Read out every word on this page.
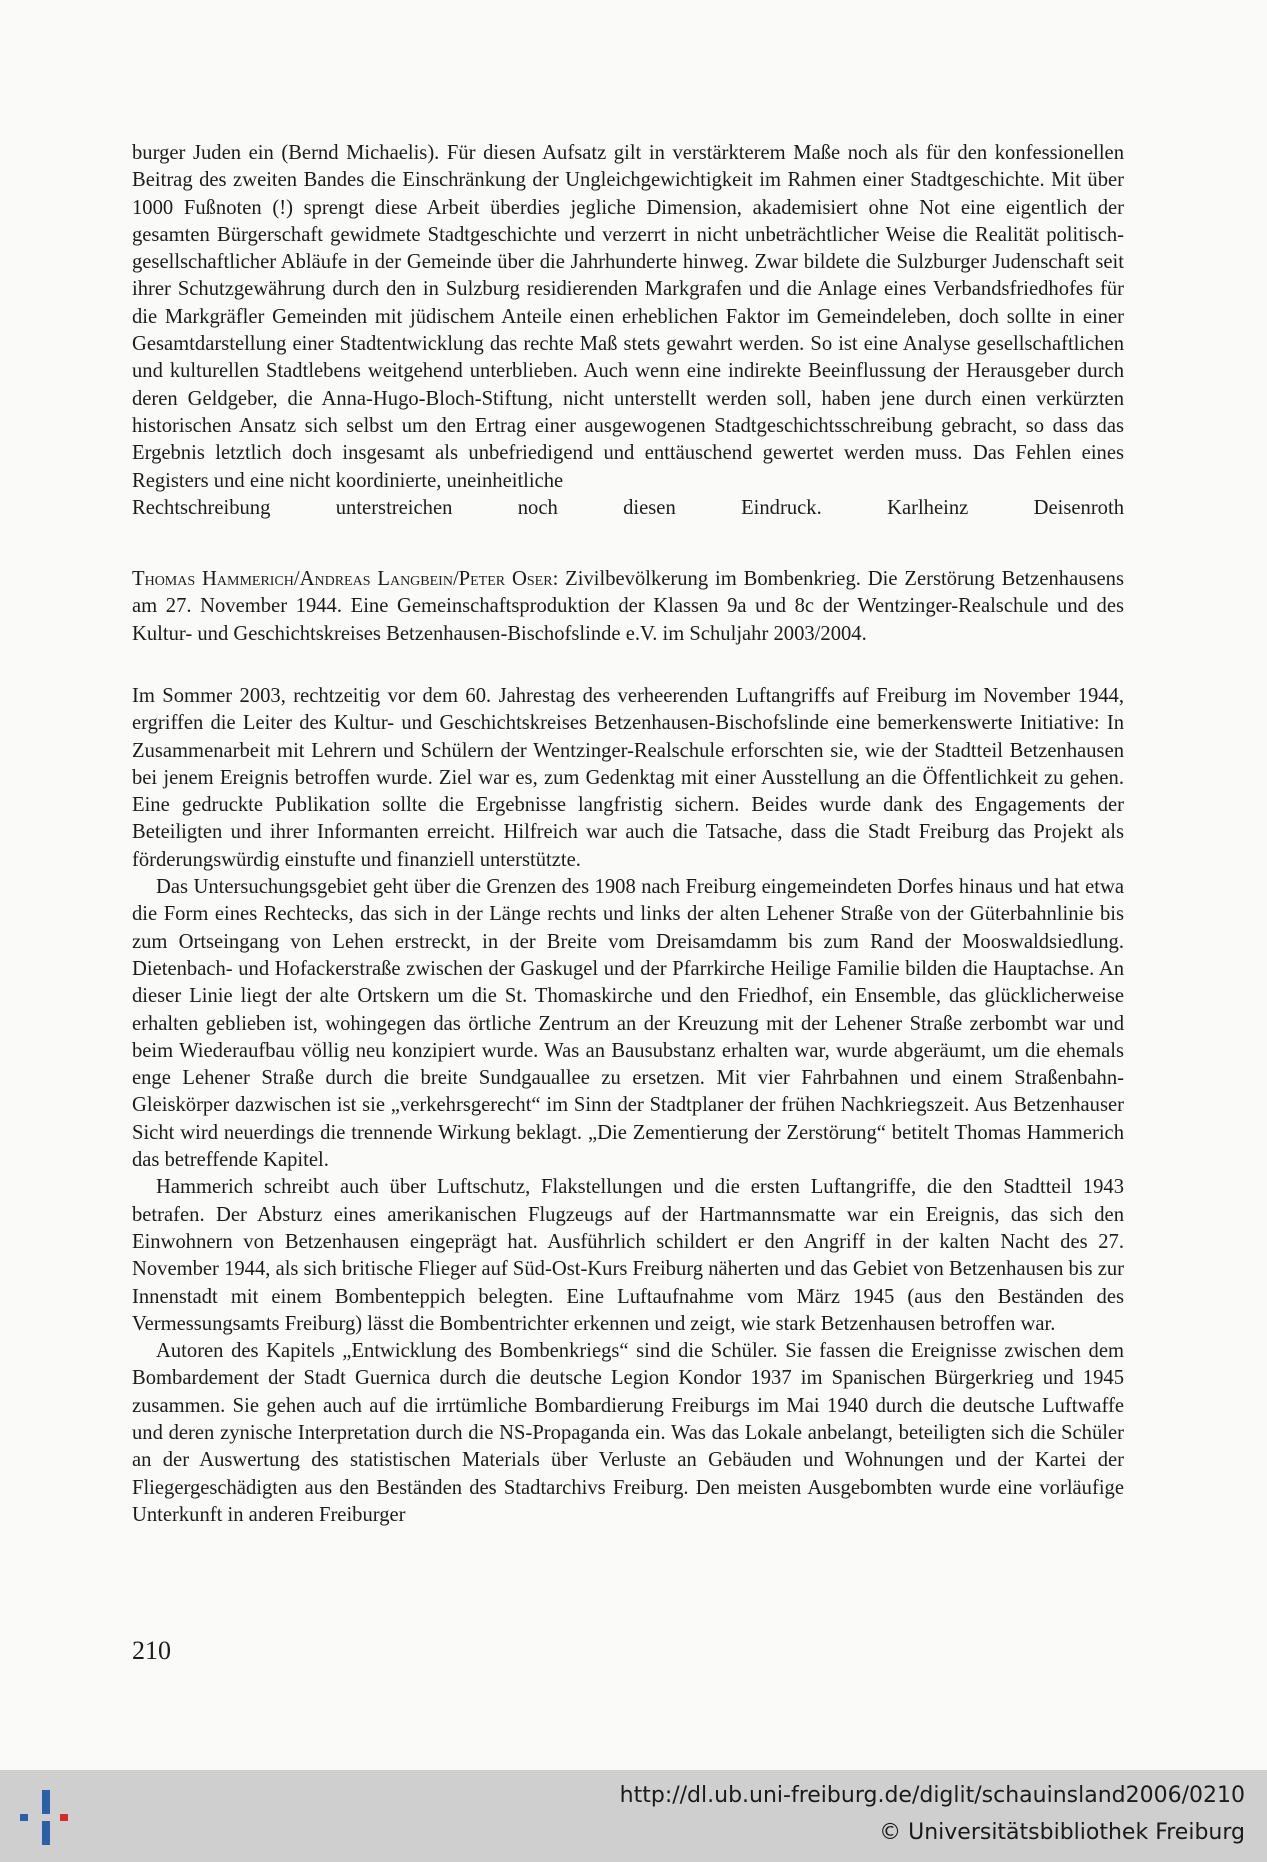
burger Juden ein (Bernd Michaelis). Für diesen Aufsatz gilt in verstärkterem Maße noch als für den konfessionellen Beitrag des zweiten Bandes die Einschränkung der Ungleichgewichtigkeit im Rahmen einer Stadtgeschichte. Mit über 1000 Fußnoten (!) sprengt diese Arbeit überdies jegliche Dimension, akademisiert ohne Not eine eigentlich der gesamten Bürgerschaft gewidmete Stadtgeschichte und verzerrt in nicht unbeträchtlicher Weise die Realität politisch-gesellschaftlicher Abläufe in der Gemeinde über die Jahrhunderte hinweg. Zwar bildete die Sulzburger Judenschaft seit ihrer Schutzgewährung durch den in Sulzburg residierenden Markgrafen und die Anlage eines Verbandsfriedhofes für die Markgräfler Gemeinden mit jüdischem Anteile einen erheblichen Faktor im Gemeindeleben, doch sollte in einer Gesamtdarstellung einer Stadtentwicklung das rechte Maß stets gewahrt werden. So ist eine Analyse gesellschaftlichen und kulturellen Stadtlebens weitgehend unterblieben. Auch wenn eine indirekte Beeinflussung der Herausgeber durch deren Geldgeber, die Anna-Hugo-Bloch-Stiftung, nicht unterstellt werden soll, haben jene durch einen verkürzten historischen Ansatz sich selbst um den Ertrag einer ausgewogenen Stadtgeschichtsschreibung gebracht, so dass das Ergebnis letztlich doch insgesamt als unbefriedigend und enttäuschend gewertet werden muss. Das Fehlen eines Registers und eine nicht koordinierte, uneinheitliche

Rechtschreibung unterstreichen noch diesen Eindruck.	Karlheinz Deisenroth

Thomas Hammerich/Andreas Langbein/Peter Oser: Zivilbevölkerung im Bombenkrieg. Die Zerstörung Betzenhausens am 27. November 1944. Eine Gemeinschaftsproduktion der Klassen 9a und 8c der Wentzinger-Realschule und des Kultur- und Geschichtskreises Betzenhausen-Bischofslinde e.V. im Schuljahr 2003/2004.

Im Sommer 2003, rechtzeitig vor dem 60. Jahrestag des verheerenden Luftangriffs auf Freiburg im November 1944, ergriffen die Leiter des Kultur- und Geschichtskreises Betzenhausen-Bischofslinde eine bemerkenswerte Initiative: In Zusammenarbeit mit Lehrern und Schülern der Wentzinger-Realschule erforschten sie, wie der Stadtteil Betzenhausen bei jenem Ereignis betroffen wurde. Ziel war es, zum Gedenktag mit einer Ausstellung an die Öffentlichkeit zu gehen. Eine gedruckte Publikation sollte die Ergebnisse langfristig sichern. Beides wurde dank des Engagements der Beteiligten und ihrer Informanten erreicht. Hilfreich war auch die Tatsache, dass die Stadt Freiburg das Projekt als förderungswürdig einstufte und finanziell unterstützte.

Das Untersuchungsgebiet geht über die Grenzen des 1908 nach Freiburg eingemeindeten Dorfes hinaus und hat etwa die Form eines Rechtecks, das sich in der Länge rechts und links der alten Lehener Straße von der Güterbahnlinie bis zum Ortseingang von Lehen erstreckt, in der Breite vom Dreisamdamm bis zum Rand der Mooswaldsiedlung. Dietenbach- und Hofackerstraße zwischen der Gaskugel und der Pfarrkirche Heilige Familie bilden die Hauptachse. An dieser Linie liegt der alte Ortskern um die St. Thomaskirche und den Friedhof, ein Ensemble, das glücklicherweise erhalten geblieben ist, wohingegen das örtliche Zentrum an der Kreuzung mit der Lehener Straße zerbombt war und beim Wiederaufbau völlig neu konzipiert wurde. Was an Bausubstanz erhalten war, wurde abgeräumt, um die ehemals enge Lehener Straße durch die breite Sundgauallee zu ersetzen. Mit vier Fahrbahnen und einem Straßenbahn-Gleiskörper dazwischen ist sie „verkehrsgerecht“ im Sinn der Stadtplaner der frühen Nachkriegszeit. Aus Betzenhauser Sicht wird neuerdings die trennende Wirkung beklagt. „Die Zementierung der Zerstörung“ betitelt Thomas Hammerich das betreffende Kapitel.

Hammerich schreibt auch über Luftschutz, Flakstellungen und die ersten Luftangriffe, die den Stadtteil 1943 betrafen. Der Absturz eines amerikanischen Flugzeugs auf der Hartmannsmatte war ein Ereignis, das sich den Einwohnern von Betzenhausen eingeprägt hat. Ausführlich schildert er den Angriff in der kalten Nacht des 27. November 1944, als sich britische Flieger auf Süd-Ost-Kurs Freiburg näherten und das Gebiet von Betzenhausen bis zur Innenstadt mit einem Bombenteppich belegten. Eine Luftaufnahme vom März 1945 (aus den Beständen des Vermessungsamts Freiburg) lässt die Bombentrichter erkennen und zeigt, wie stark Betzenhausen betroffen war.

Autoren des Kapitels „Entwicklung des Bombenkriegs“ sind die Schüler. Sie fassen die Ereignisse zwischen dem Bombardement der Stadt Guernica durch die deutsche Legion Kondor 1937 im Spanischen Bürgerkrieg und 1945 zusammen. Sie gehen auch auf die irrtümliche Bombardierung Freiburgs im Mai 1940 durch die deutsche Luftwaffe und deren zynische Interpretation durch die NS-Propaganda ein. Was das Lokale anbelangt, beteiligten sich die Schüler an der Auswertung des statistischen Materials über Verluste an Gebäuden und Wohnungen und der Kartei der Fliegergeschädigten aus den Beständen des Stadtarchivs Freiburg. Den meisten Ausgebombten wurde eine vorläufige Unterkunft in anderen Freiburger

210
http://dl.ub.uni-freiburg.de/diglit/schauinsland2006/0210
© Universitätsbibliothek Freiburg
